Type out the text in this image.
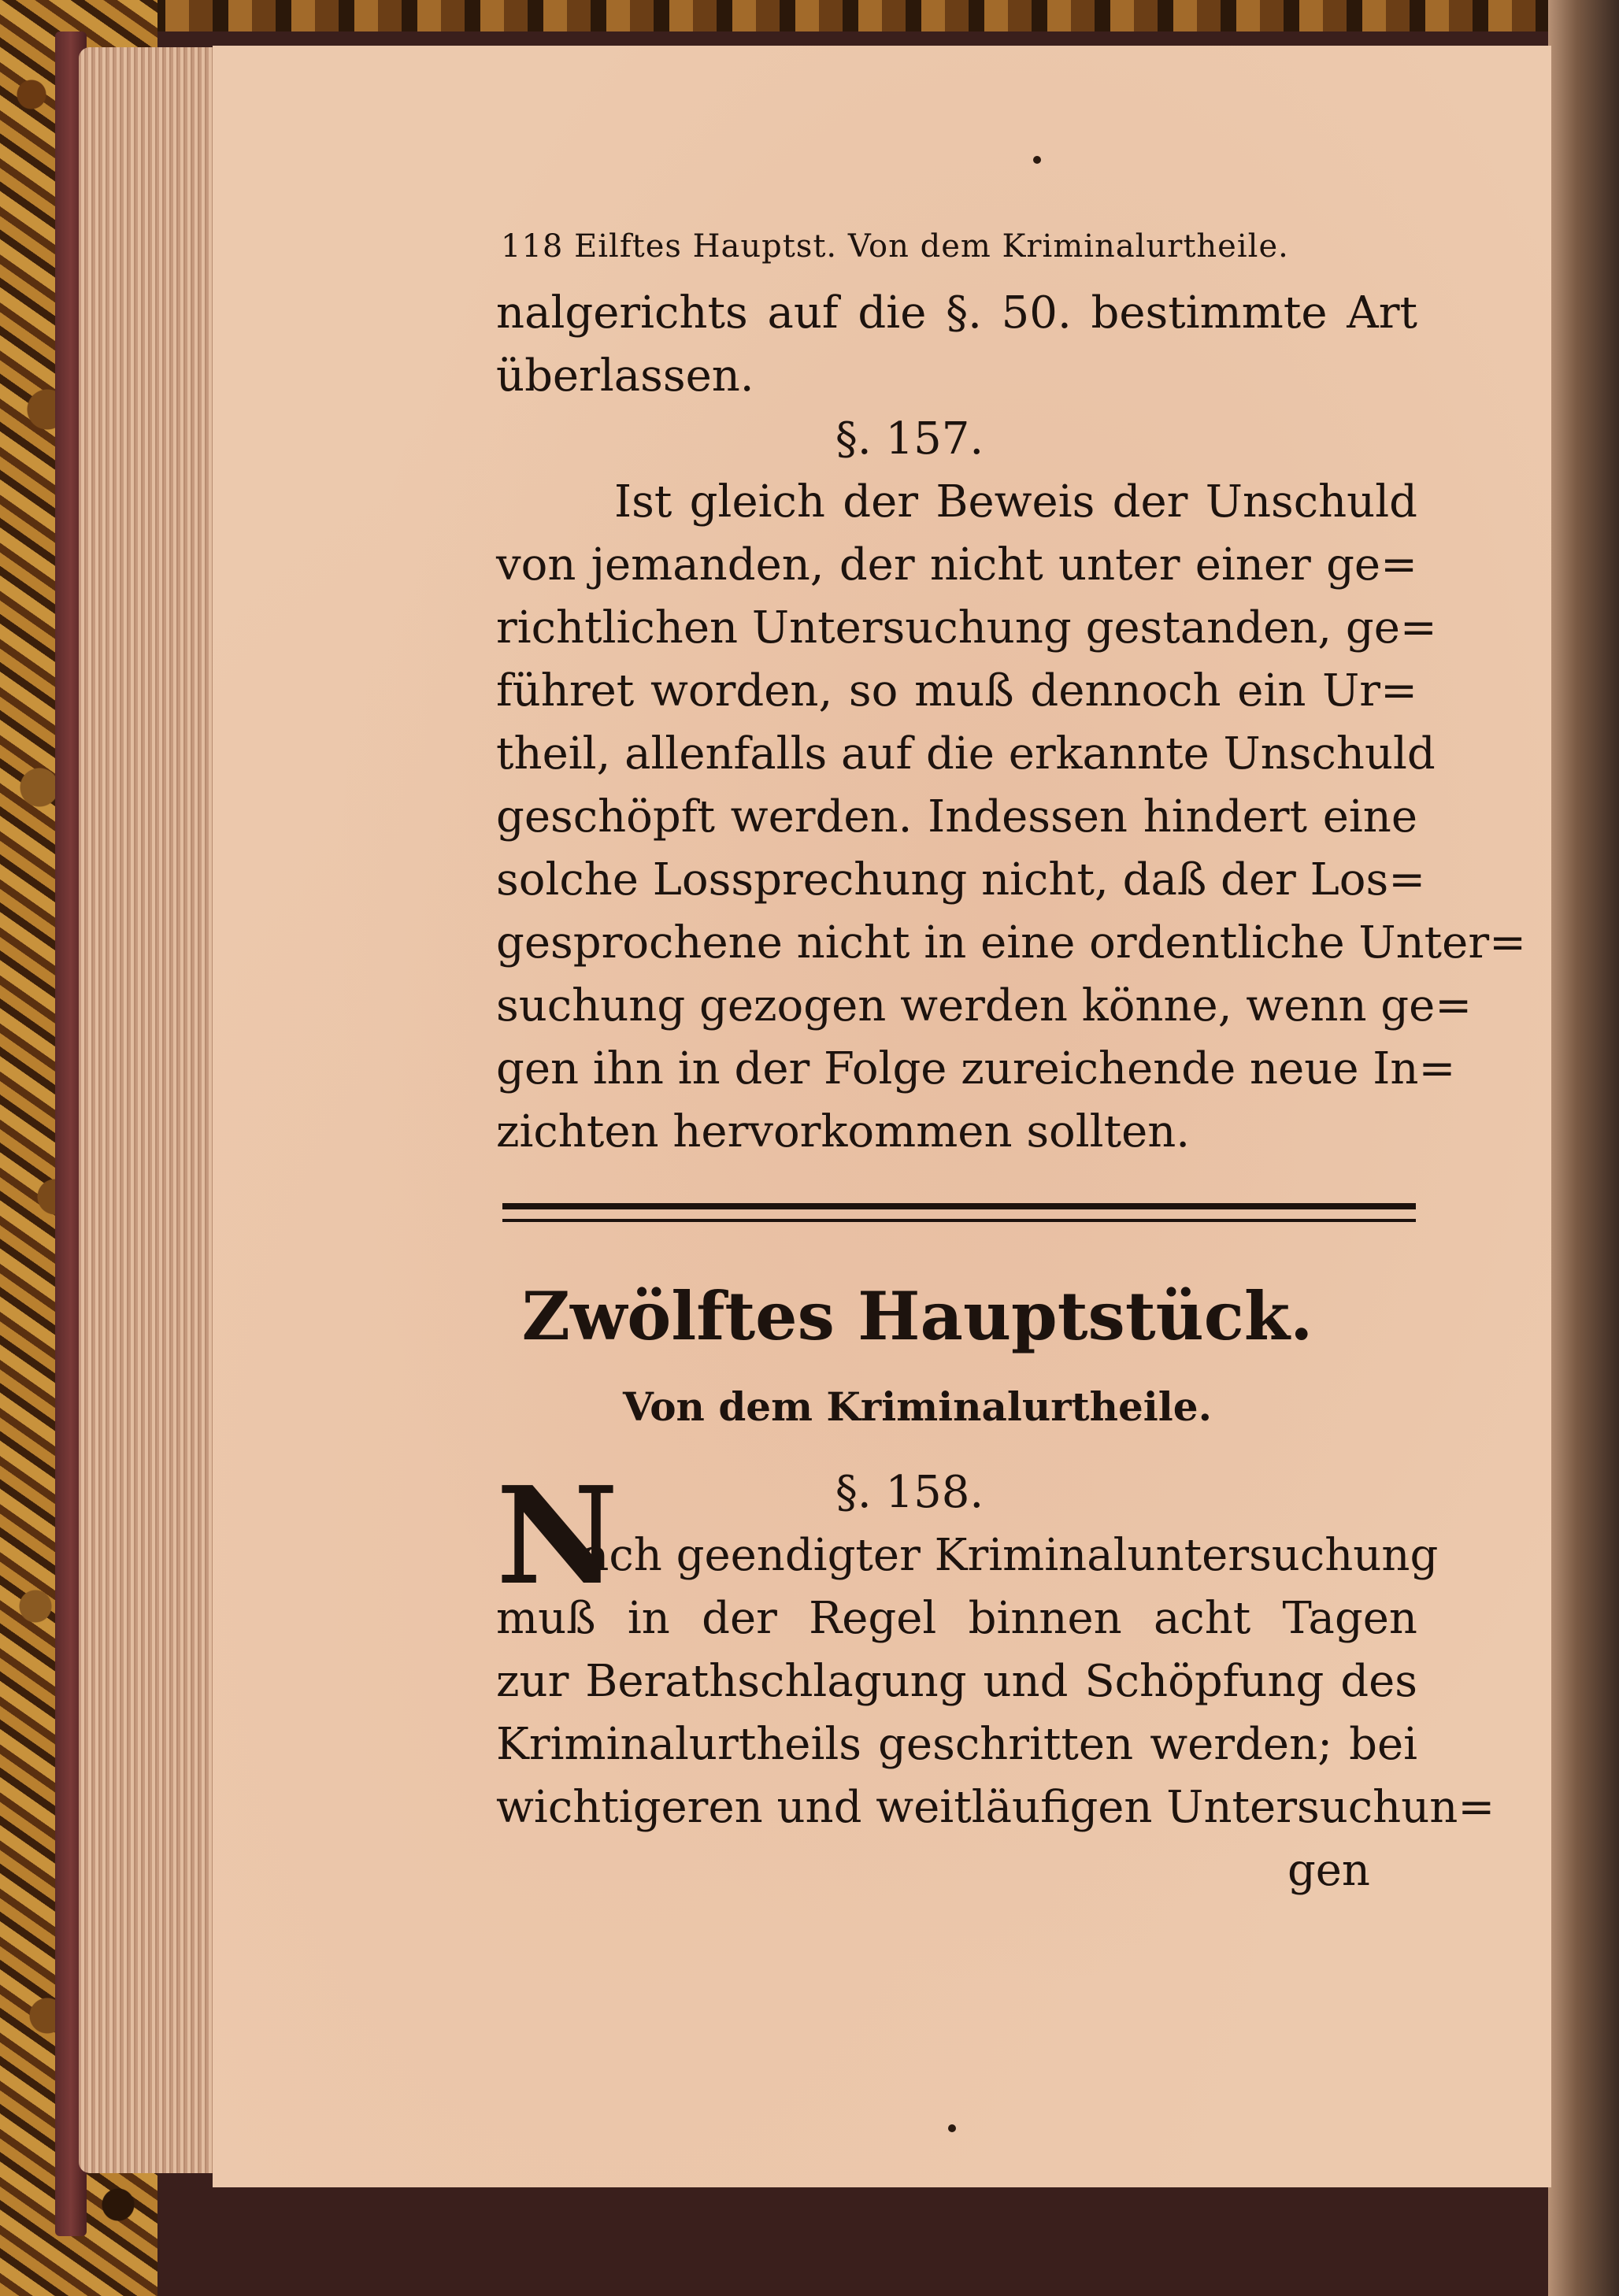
118 Eilftes Hauptst. Von dem Kriminalurtheile.
nalgerichts auf die §. 50. bestimmte Art
überlassen.
§. 157.
Ist gleich der Beweis der Unschuld
von jemanden, der nicht unter einer ge=
richtlichen Untersuchung gestanden, ge=
führet worden, so muß dennoch ein Ur=
theil, allenfalls auf die erkannte Unschuld
geschöpft werden. Indessen hindert eine
solche Lossprechung nicht, daß der Los=
gesprochene nicht in eine ordentliche Unter=
suchung gezogen werden könne, wenn ge=
gen ihn in der Folge zureichende neue In=
zichten hervorkommen sollten.
Zwölftes Hauptstück.
Von dem Kriminalurtheile.
N	§. 158.
ach geendigter Kriminaluntersuchung
muß in der Regel binnen acht Tagen
zur Berathschlagung und Schöpfung des
Kriminalurtheils geschritten werden; bei
wichtigeren und weitläufigen Untersuchun=
gen
